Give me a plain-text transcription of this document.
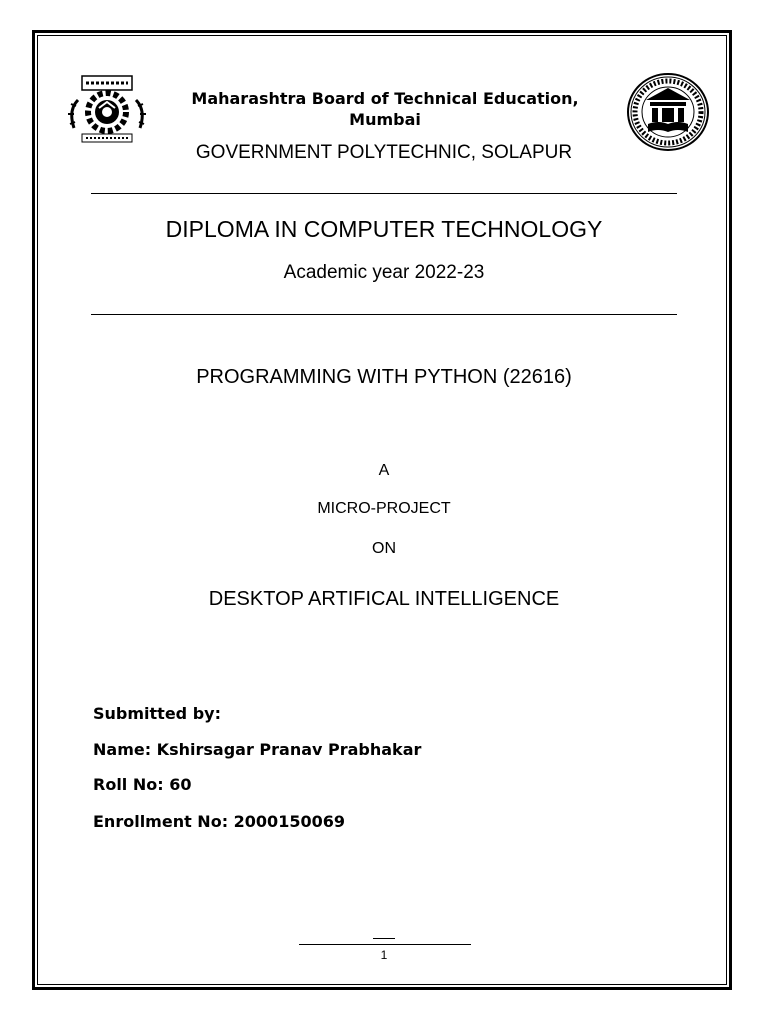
Maharashtra Board of Technical Education,
Mumbai
GOVERNMENT POLYTECHNIC, SOLAPUR
DIPLOMA IN COMPUTER TECHNOLOGY
Academic year 2022-23
PROGRAMMING WITH PYTHON (22616)
A
MICRO-PROJECT
ON
DESKTOP ARTIFICAL INTELLIGENCE
Submitted by:
Name: Kshirsagar Pranav Prabhakar
Roll No: 60
Enrollment No: 2000150069
1
